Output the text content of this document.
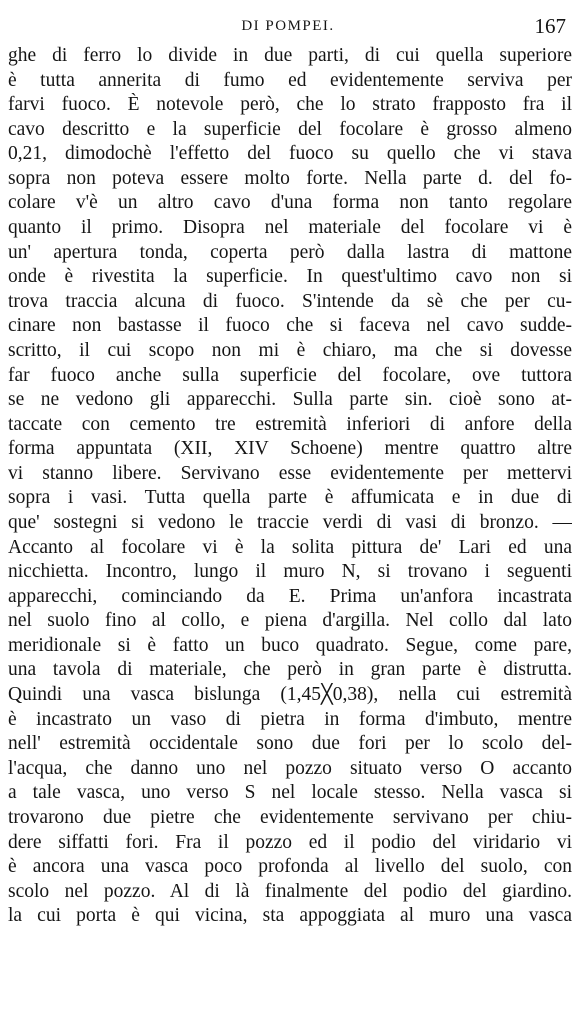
DI POMPEI.	167
ghe di ferro lo divide in due parti, di cui quella superiore
è tutta annerita di fumo ed evidentemente serviva per
farvi fuoco. È notevole però, che lo strato frapposto fra il
cavo descritto e la superficie del focolare è grosso almeno
0,21, dimodochè l'effetto del fuoco su quello che vi stava
sopra non poteva essere molto forte. Nella parte d. del fo-
colare v'è un altro cavo d'una forma non tanto regolare
quanto il primo. Disopra nel materiale del focolare vi è
un' apertura tonda, coperta però dalla lastra di mattone
onde è rivestita la superficie. In quest'ultimo cavo non si
trova traccia alcuna di fuoco. S'intende da sè che per cu-
cinare non bastasse il fuoco che si faceva nel cavo sudde-
scritto, il cui scopo non mi è chiaro, ma che si dovesse
far fuoco anche sulla superficie del focolare, ove tuttora
se ne vedono gli apparecchi. Sulla parte sin. cioè sono at-
taccate con cemento tre estremità inferiori di anfore della
forma appuntata (XII, XIV Schoene) mentre quattro altre
vi stanno libere. Servivano esse evidentemente per mettervi
sopra i vasi. Tutta quella parte è affumicata e in due di
que' sostegni si vedono le traccie verdi di vasi di bronzo. —
Accanto al focolare vi è la solita pittura de' Lari ed una
nicchietta. Incontro, lungo il muro N, si trovano i seguenti
apparecchi, cominciando da E. Prima un'anfora incastrata
nel suolo fino al collo, e piena d'argilla. Nel collo dal lato
meridionale si è fatto un buco quadrato. Segue, come pare,
una tavola di materiale, che però in gran parte è distrutta.
Quindi una vasca bislunga (1,45╳0,38), nella cui estremità
è incastrato un vaso di pietra in forma d'imbuto, mentre
nell' estremità occidentale sono due fori per lo scolo del-
l'acqua, che danno uno nel pozzo situato verso O accanto
a tale vasca, uno verso S nel locale stesso. Nella vasca si
trovarono due pietre che evidentemente servivano per chiu-
dere siffatti fori. Fra il pozzo ed il podio del viridario vi
è ancora una vasca poco profonda al livello del suolo, con
scolo nel pozzo. Al di là finalmente del podio del giardino.
la cui porta è qui vicina, sta appoggiata al muro una vasca
